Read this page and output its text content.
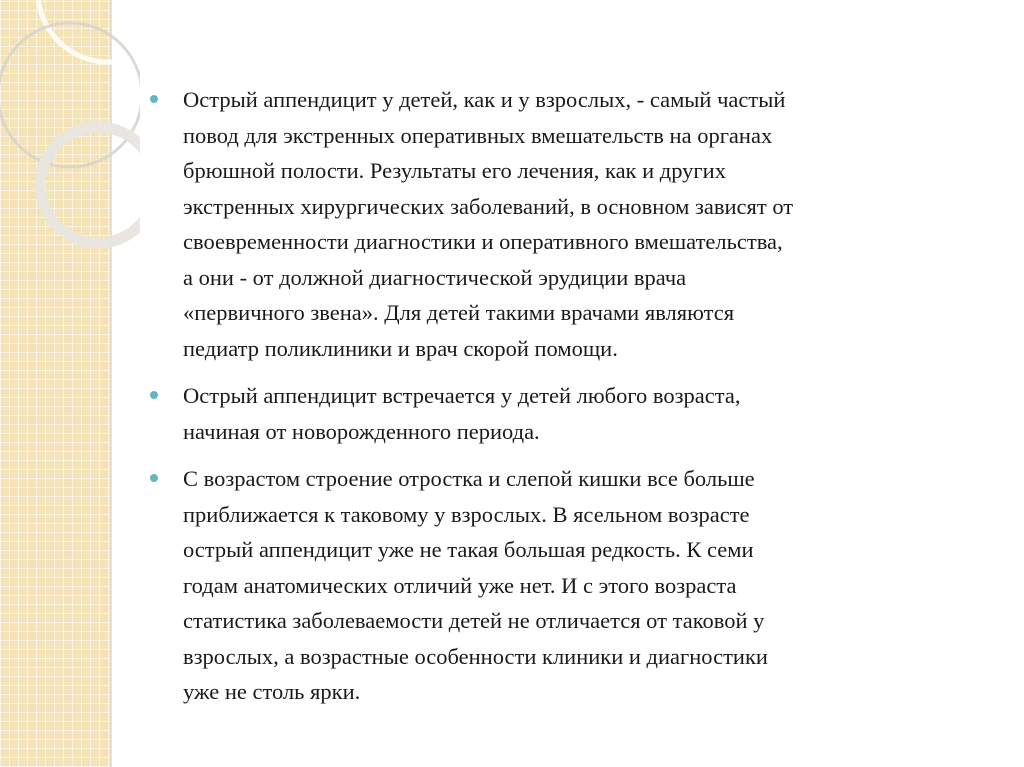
Острый аппендицит у детей, как и у взрослых, - самый частый
повод для экстренных оперативных вмешательств на органах
брюшной полости. Результаты его лечения, как и других
экстренных хирургических заболеваний, в основном зависят от
своевременности диагностики и оперативного вмешательства,
а они - от должной диагностической эрудиции врача
«первичного звена». Для детей такими врачами являются
педиатр поликлиники и врач скорой помощи.
Острый аппендицит встречается у детей любого возраста,
начиная от новорожденного периода.
С возрастом строение отростка и слепой кишки все больше
приближается к таковому у взрослых. В ясельном возрасте
острый аппендицит уже не такая большая редкость. К семи
годам анатомических отличий уже нет. И с этого возраста
статистика заболеваемости детей не отличается от таковой у
взрослых, а возрастные особенности клиники и диагностики
уже не столь ярки.
